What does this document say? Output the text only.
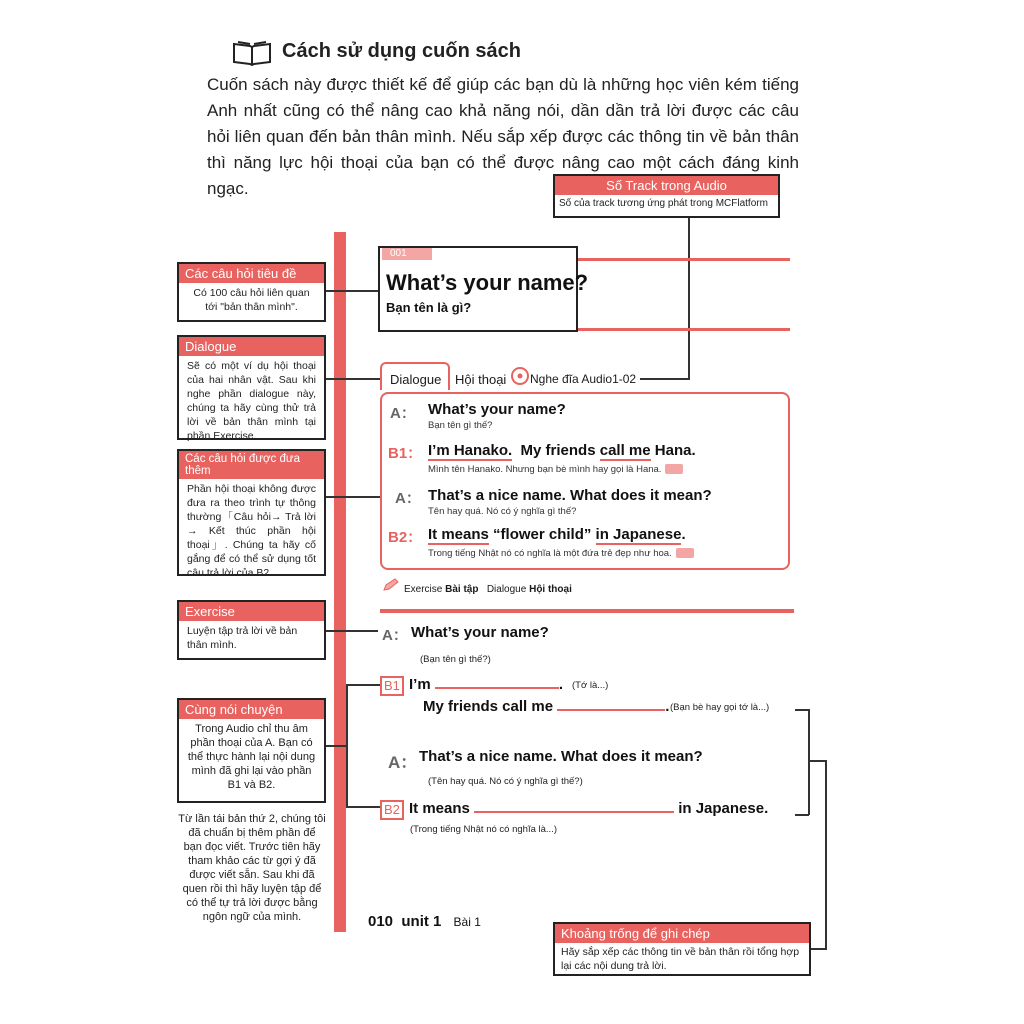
Cách sử dụng cuốn sách
Cuốn sách này được thiết kế để giúp các bạn dù là những học viên kém tiếng Anh nhất cũng có thể nâng cao khả năng nói, dần dần trả lời được các câu hỏi liên quan đến bản thân mình. Nếu sắp xếp được các thông tin về bản thân thì năng lực hội thoại của bạn có thể được nâng cao một cách đáng kinh ngạc.	Số Track trong Audio
Số của track tương ứng phát trong MCFlatform
Các câu hỏi tiêu đề
Có 100 câu hỏi liên quan tới "bản thân mình".
Dialogue
Sẽ có một ví dụ hội thoại của hai nhân vật. Sau khi nghe phần dialogue này, chúng ta hãy cùng thử trả lời về bản thân mình tại phần Exercise.
Các câu hỏi được đưa thêm
Phần hội thoại không được đưa ra theo trình tự thông thường「Câu hỏi→ Trả lời → Kết thúc phần hội thoại」. Chúng ta hãy cố gắng để có thể sử dụng tốt câu trả lời của B2.
Exercise
Luyện tập trả lời về bản thân mình.
Cùng nói chuyện
Trong Audio chỉ thu âm phần thoại của A. Bạn có thể thực hành lại nội dung mình đã ghi lại vào phần B1 và B2.
Từ lần tái bản thứ 2, chúng tôi đã chuẩn bị thêm phần để bạn đọc viết. Trước tiên hãy tham khảo các từ gợi ý đã được viết sẵn. Sau khi đã quen rồi thì hãy luyện tập để có thể tự trả lời được bằng ngôn ngữ của mình.
001
What’s your name?
Bạn tên là gì?
Dialogue	Hội thoại Nghe đĩa Audio1-02
A： What’s your name?
Bạn tên gì thế?
B1： I’m Hanako. My friends call me Hana.
Mình tên Hanako. Nhưng bạn bè mình hay gọi là Hana.
A： That’s a nice name. What does it mean?
Tên hay quá. Nó có ý nghĩa gì thế?
B2： It means “flower child” in Japanese.
Trong tiếng Nhật nó có nghĩa là một đứa trẻ đẹp như hoa.
Exercise Bài tập Dialogue Hội thoại
A： What’s your name?
(Bạn tên gì thế?)
B1 I’m	. (Tớ là...)
My friends call me	. (Bạn bè hay gọi tớ là...)
A： That’s a nice name. What does it mean?
(Tên hay quá. Nó có ý nghĩa gì thế?)
B2 It means	in Japanese.
(Trong tiếng Nhật nó có nghĩa là...)
Khoảng trống để ghi chép
Hãy sắp xếp các thông tin về bản thân rồi tổng hợp lại các nội dung trả lời.
010 unit 1 Bài 1
